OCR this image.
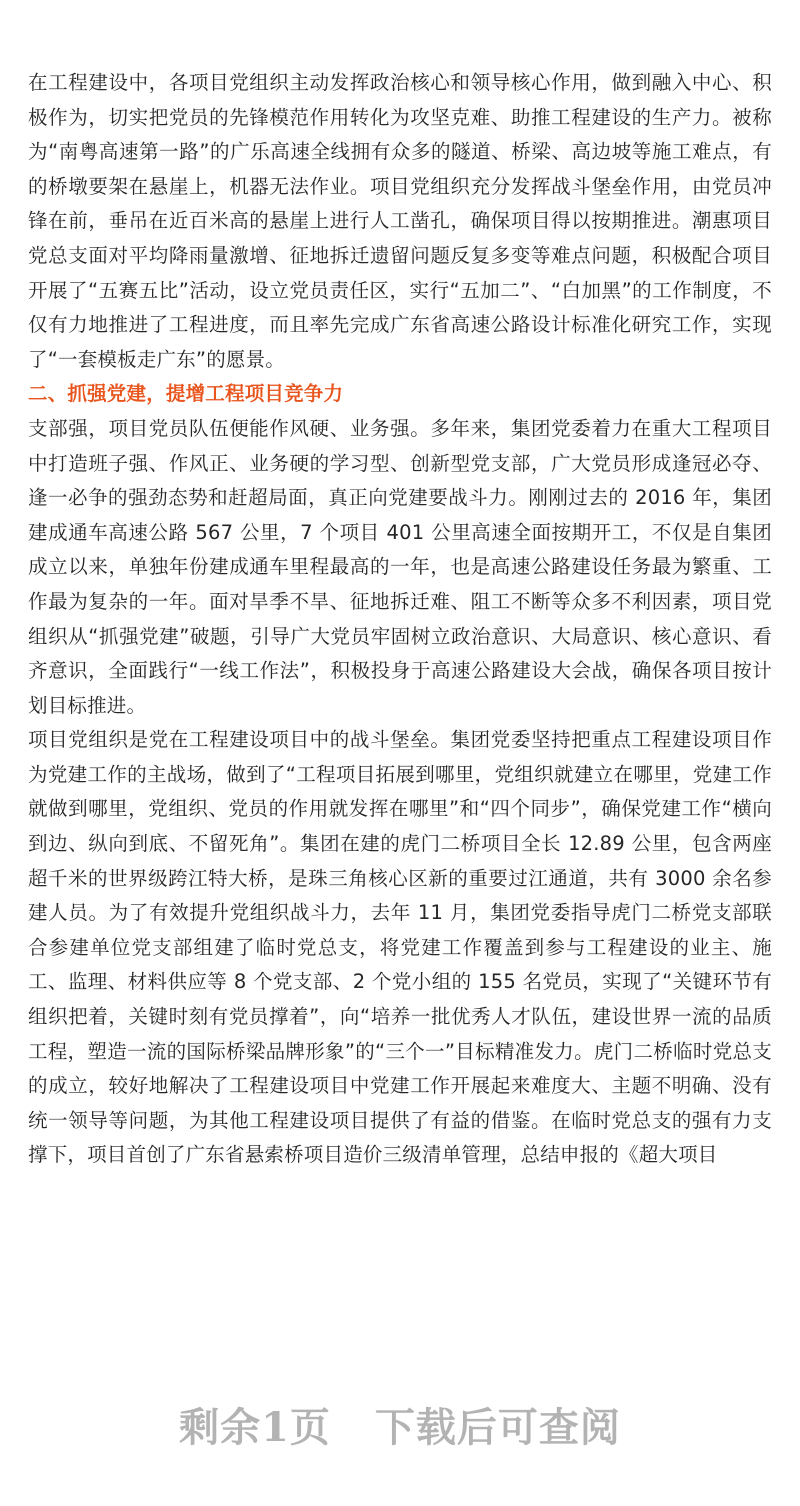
在工程建设中，各项目党组织主动发挥政治核心和领导核心作用，做到融入中心、积极作为，切实把党员的先锋模范作用转化为攻坚克难、助推工程建设的生产力。被称为“南粤高速第一路”的广乐高速全线拥有众多的隧道、桥梁、高边坡等施工难点，有的桥墩要架在悬崖上，机器无法作业。项目党组织充分发挥战斗堡垒作用，由党员冲锋在前，垂吊在近百米高的悬崖上进行人工凿孔，确保项目得以按期推进。潮惠项目党总支面对平均降雨量激增、征地拆迁遗留问题反复多变等难点问题，积极配合项目开展了“五赛五比”活动，设立党员责任区，实行“五加二”、“白加黑”的工作制度，不仅有力地推进了工程进度，而且率先完成广东省高速公路设计标准化研究工作，实现了“一套模板走广东”的愿景。

二、抓强党建，提增工程项目竞争力

支部强，项目党员队伍便能作风硬、业务强。多年来，集团党委着力在重大工程项目中打造班子强、作风正、业务硬的学习型、创新型党支部，广大党员形成逢冠必夺、逢一必争的强劲态势和赶超局面，真正向党建要战斗力。刚刚过去的 2016 年，集团建成通车高速公路 567 公里，7 个项目 401 公里高速全面按期开工，不仅是自集团成立以来，单独年份建成通车里程最高的一年，也是高速公路建设任务最为繁重、工作最为复杂的一年。面对旱季不旱、征地拆迁难、阻工不断等众多不利因素，项目党组织从“抓强党建”破题，引导广大党员牢固树立政治意识、大局意识、核心意识、看齐意识，全面践行“一线工作法”，积极投身于高速公路建设大会战，确保各项目按计划目标推进。

项目党组织是党在工程建设项目中的战斗堡垒。集团党委坚持把重点工程建设项目作为党建工作的主战场，做到了“工程项目拓展到哪里，党组织就建立在哪里，党建工作就做到哪里，党组织、党员的作用就发挥在哪里”和“四个同步”，确保党建工作“横向到边、纵向到底、不留死角”。集团在建的虎门二桥项目全长 12.89 公里，包含两座超千米的世界级跨江特大桥，是珠三角核心区新的重要过江通道，共有 3000 余名参建人员。为了有效提升党组织战斗力，去年 11 月，集团党委指导虎门二桥党支部联合参建单位党支部组建了临时党总支，将党建工作覆盖到参与工程建设的业主、施工、监理、材料供应等 8 个党支部、2 个党小组的 155 名党员，实现了“关键环节有组织把着，关键时刻有党员撑着”，向“培养一批优秀人才队伍，建设世界一流的品质工程，塑造一流的国际桥梁品牌形象”的“三个一”目标精准发力。虎门二桥临时党总支的成立，较好地解决了工程建设项目中党建工作开展起来难度大、主题不明确、没有统一领导等问题，为其他工程建设项目提供了有益的借鉴。在临时党总支的强有力支撑下，项目首创了广东省悬索桥项目造价三级清单管理，总结申报的《超大项目

剩余1页 下载后可查阅
